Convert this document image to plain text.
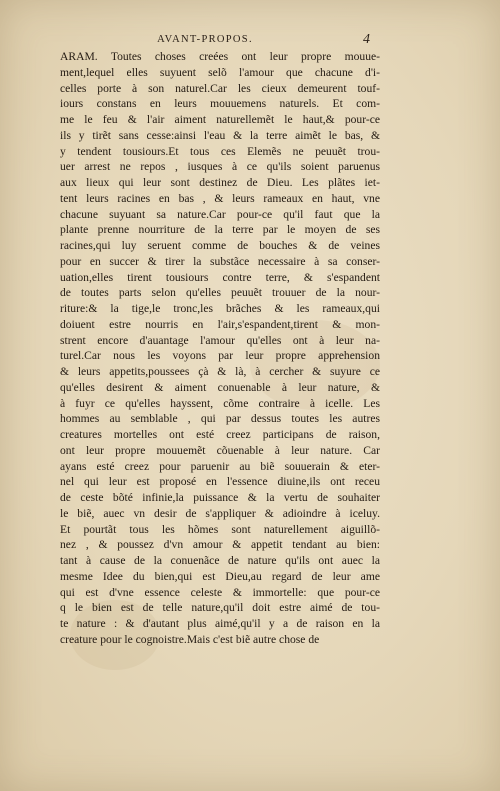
AVANT-PROPOS.	4
ARAM. Toutes choses creées ont leur propre mouue-
ment,lequel elles suyuent selõ l'amour que chacune d'i-
celles porte à son naturel.Car les cieux demeurent touf-
iours constans en leurs mouuemens naturels. Et com-
me le feu & l'air aiment naturellemẽt le haut,& pour-ce
ils y tirẽt sans cesse:ainsi l'eau & la terre aimẽt le bas, &
y tendent tousiours.Et tous ces Elemẽs ne peuuẽt trou-
uer arrest ne repos , iusques à ce qu'ils soient paruenus
aux lieux qui leur sont destinez de Dieu. Les plãtes iet-
tent leurs racines en bas , & leurs rameaux en haut, vne
chacune suyuant sa nature.Car pour-ce qu'il faut que la
plante prenne nourriture de la terre par le moyen de ses
racines,qui luy seruent comme de bouches & de veines
pour en succer & tirer la substãce necessaire à sa conser-
uation,elles tirent tousiours contre terre, & s'espandent
de toutes parts selon qu'elles peuuẽt trouuer de la nour-
riture:& la tige,le tronc,les brãches & les rameaux,qui
doiuent estre nourris en l'air,s'espandent,tirent & mon-
strent encore d'auantage l'amour qu'elles ont à leur na-
turel.Car nous les voyons par leur propre apprehension
& leurs appetits,poussees çà & là, à cercher & suyure ce
qu'elles desirent & aiment conuenable à leur nature, &
à fuyr ce qu'elles hayssent, cõme contraire à icelle. Les
hommes au semblable , qui par dessus toutes les autres
creatures mortelles ont esté creez participans de raison,
ont leur propre mouuemẽt cõuenable à leur nature. Car
ayans esté creez pour paruenir au biẽ souuerain & eter-
nel qui leur est proposé en l'essence diuine,ils ont receu
de ceste bõté infinie,la puissance & la vertu de souhaiter
le biẽ, auec vn desir de s'appliquer & adioindre à iceluy.
Et pourtãt tous les hõmes sont naturellement aiguillõ-
nez , & poussez d'vn amour & appetit tendant au bien:
tant à cause de la conuenãce de nature qu'ils ont auec la
mesme Idee du bien,qui est Dieu,au regard de leur ame
qui est d'vne essence celeste & immortelle: que pour-ce
q le bien est de telle nature,qu'il doit estre aimé de tou-
te nature : & d'autant plus aimé,qu'il y a de raison en la
creature pour le cognoistre.Mais c'est biẽ autre chose de
